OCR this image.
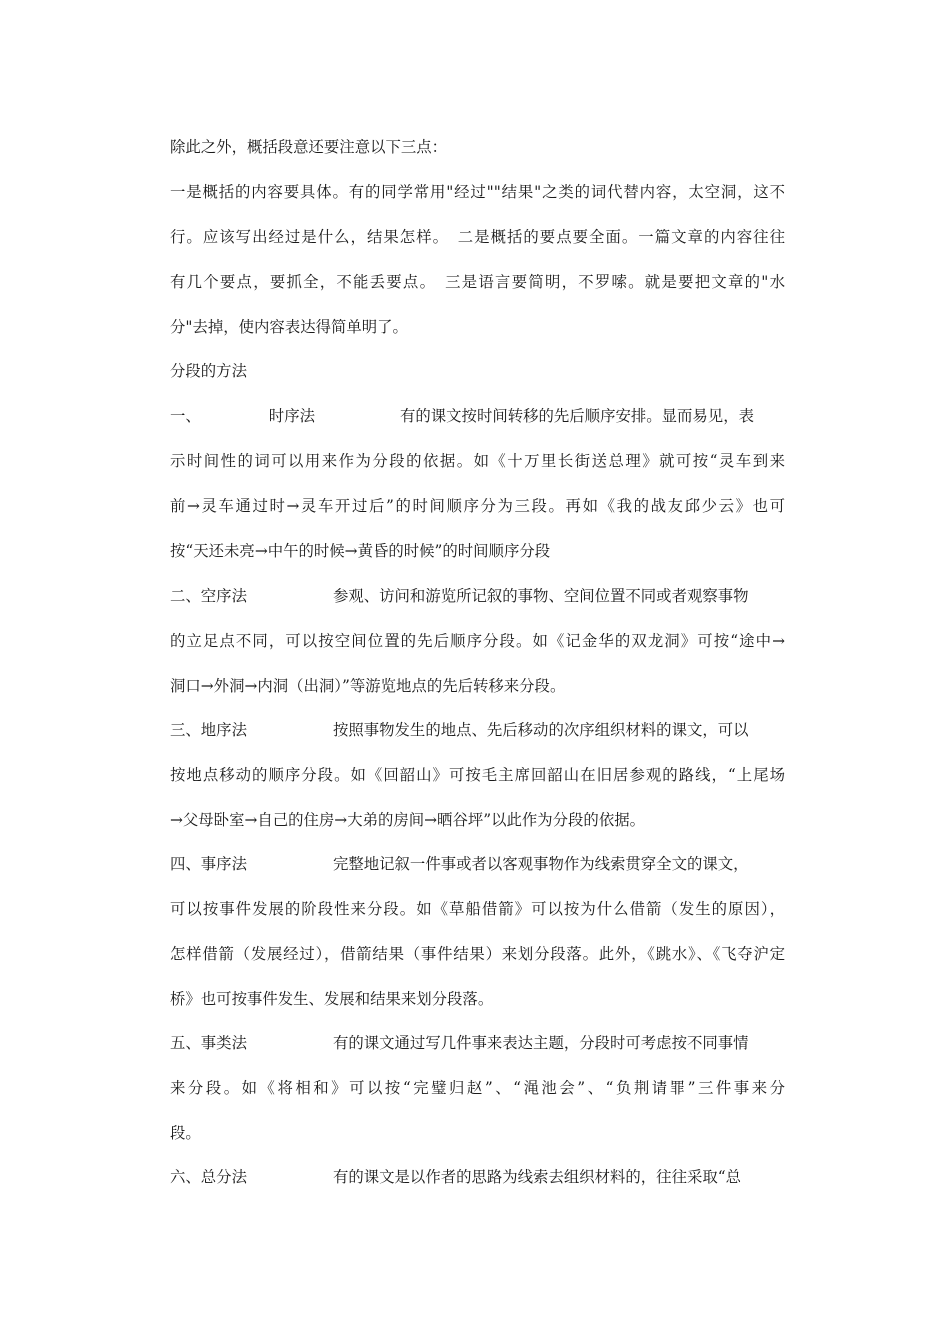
除此之外，概括段意还要注意以下三点：
一是概括的内容要具体。有的同学常用"经过""结果"之类的词代替内容，太空洞，这不
行。应该写出经过是什么，结果怎样。　二是概括的要点要全面。一篇文章的内容往往
有几个要点，要抓全，不能丢要点。　三是语言要简明，不罗嗦。就是要把文章的"水
分"去掉，使内容表达得简单明了。
分段的方法
一、	时序法	有的课文按时间转移的先后顺序安排。显而易见，表
示时间性的词可以用来作为分段的依据。如《十万里长街送总理》就可按“灵车到来
前→灵车通过时→灵车开过后”的时间顺序分为三段。再如《我的战友邱少云》也可
按“天还未亮→中午的时候→黄昏的时候”的时间顺序分段
二、空序法	参观、访问和游览所记叙的事物、空间位置不同或者观察事物
的立足点不同，可以按空间位置的先后顺序分段。如《记金华的双龙洞》可按“途中→
洞口→外洞→内洞（出洞）”等游览地点的先后转移来分段。
三、地序法	按照事物发生的地点、先后移动的次序组织材料的课文，可以
按地点移动的顺序分段。如《回韶山》可按毛主席回韶山在旧居参观的路线，“上尾场
→父母卧室→自己的住房→大弟的房间→晒谷坪”以此作为分段的依据。
四、事序法	完整地记叙一件事或者以客观事物作为线索贯穿全文的课文，
可以按事件发展的阶段性来分段。如《草船借箭》可以按为什么借箭（发生的原因），
怎样借箭（发展经过），借箭结果（事件结果）来划分段落。此外，《跳水》、《飞夺沪定
桥》也可按事件发生、发展和结果来划分段落。
五、事类法	有的课文通过写几件事来表达主题，分段时可考虑按不同事情
来分段。如《将相和》可以按“完璧归赵”、“渑池会”、“负荆请罪”三件事来分
段。
六、总分法	有的课文是以作者的思路为线索去组织材料的，往往采取“总
